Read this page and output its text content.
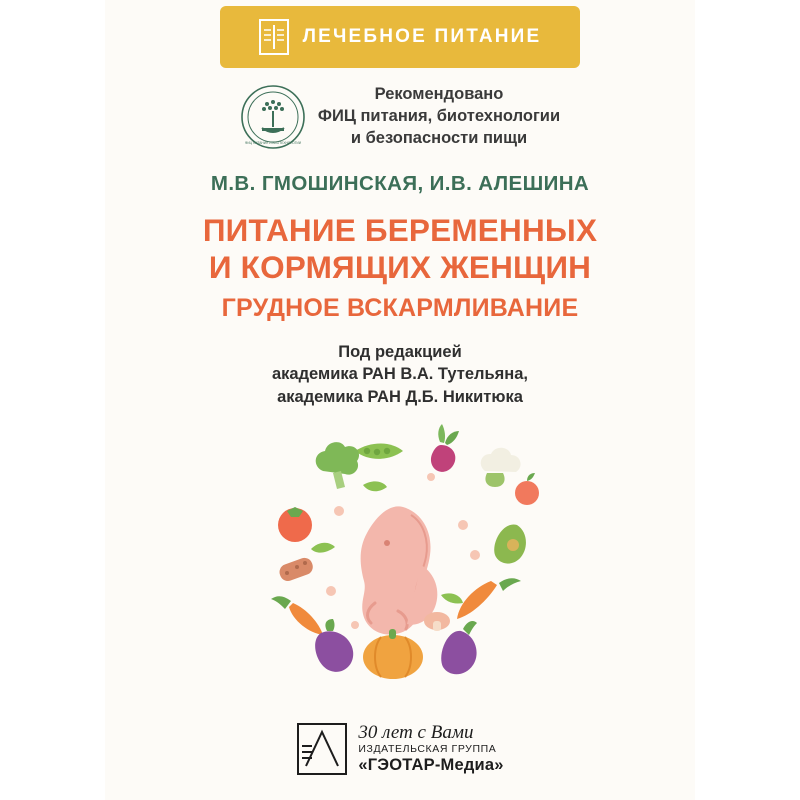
ЛЕЧЕБНОЕ ПИТАНИЕ
ФИЦ ПИТАНИЯ И БИОТЕХНОЛОГИИ
Рекомендовано
ФИЦ питания, биотехнологии
и безопасности пищи
М.В. ГМОШИНСКАЯ, И.В. АЛЕШИНА
ПИТАНИЕ БЕРЕМЕННЫХ
И КОРМЯЩИХ ЖЕНЩИН
ГРУДНОЕ ВСКАРМЛИВАНИЕ
Под редакцией
академика РАН В.А. Тутельяна,
академика РАН Д.Б. Никитюка
30 лет с Вами
ИЗДАТЕЛЬСКАЯ ГРУППА
«ГЭОТАР-Медиа»
